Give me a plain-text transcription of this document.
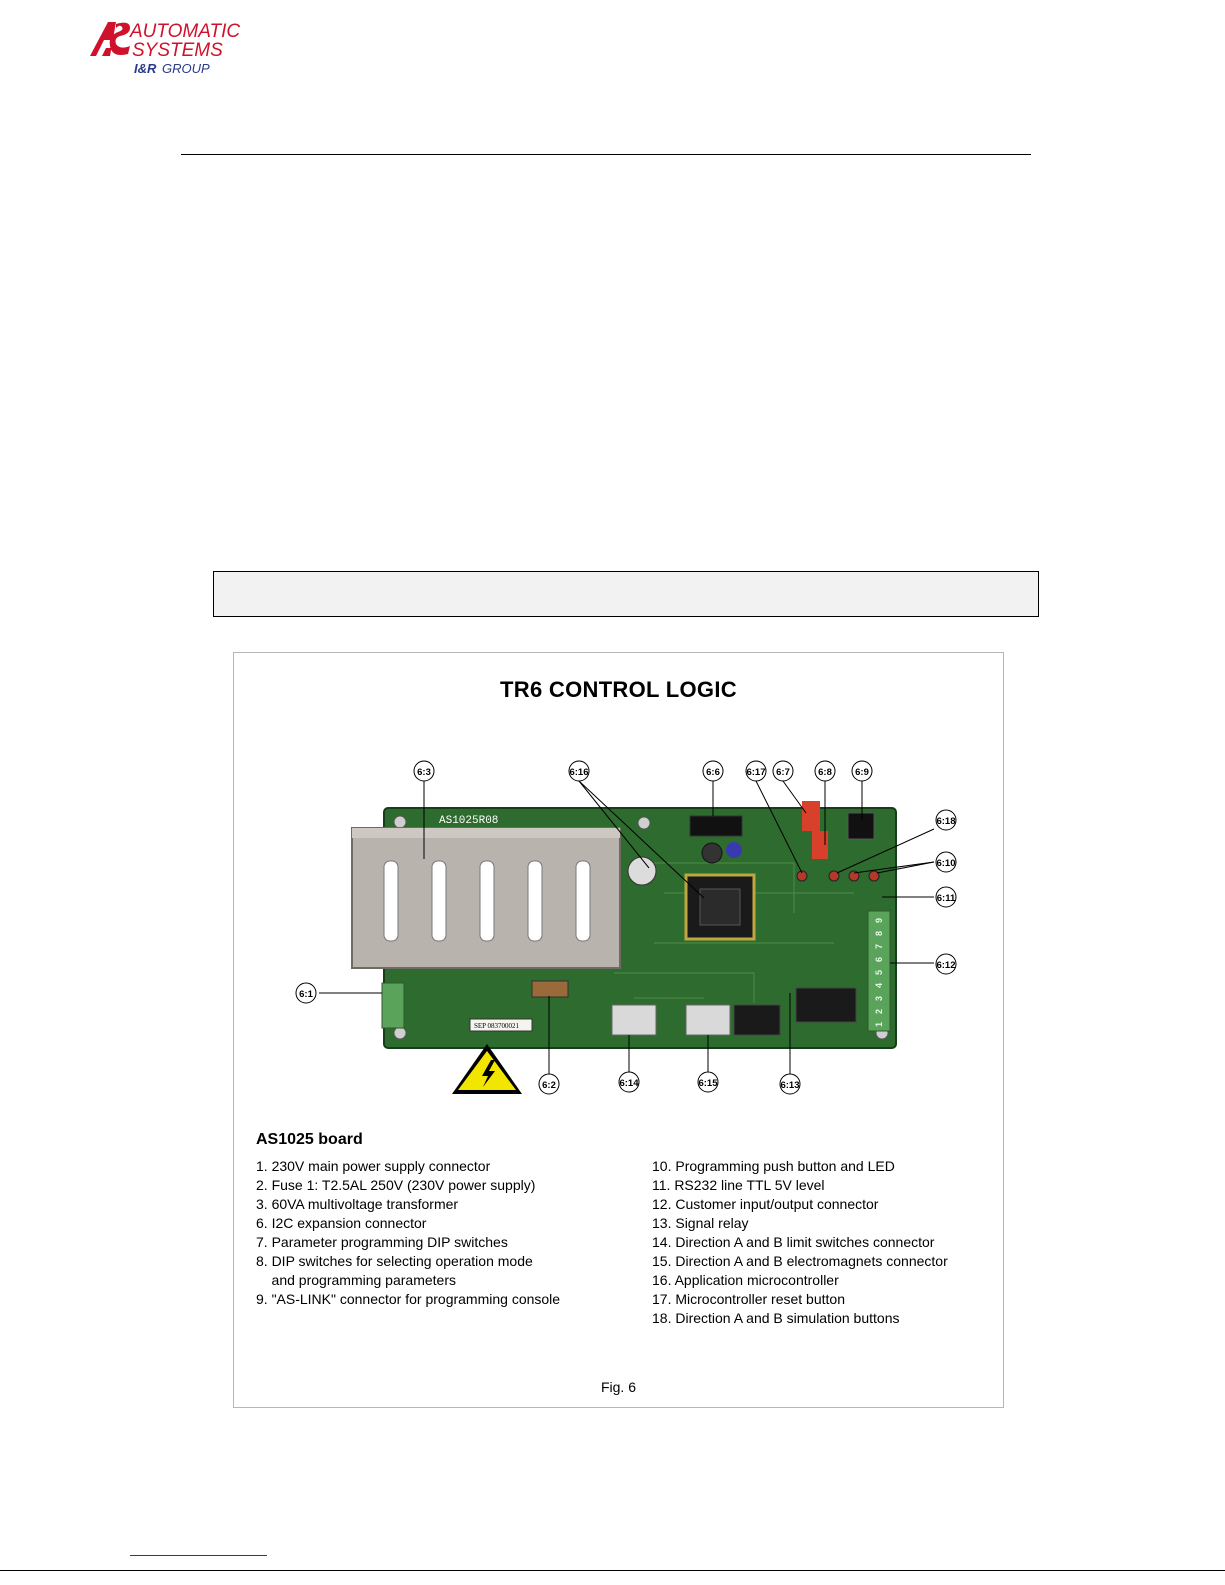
AUTOMATIC
SYSTEMS
I&R GROUP
TR6 CONTROL LOGIC
AS1025R08
1
2
3
4
5
6
7
8
9
SEP 083700021
6:3	6:16	6:6	6:17 6:7	6:8 6:9
6:18
6:10
6:11
6:12
6:1
6:2	6:14	6:15	6:13
AS1025 board
1. 230V main power supply connector
2. Fuse 1: T2.5AL 250V (230V power supply)
3. 60VA multivoltage transformer
6. I2C expansion connector
7. Parameter programming DIP switches
8. DIP switches for selecting operation mode
and programming parameters
9. "AS-LINK" connector for programming console
10. Programming push button and LED
11. RS232 line TTL 5V level
12. Customer input/output connector
13. Signal relay
14. Direction A and B limit switches connector
15. Direction A and B electromagnets connector
16. Application microcontroller
17. Microcontroller reset button
18. Direction A and B simulation buttons
Fig. 6
